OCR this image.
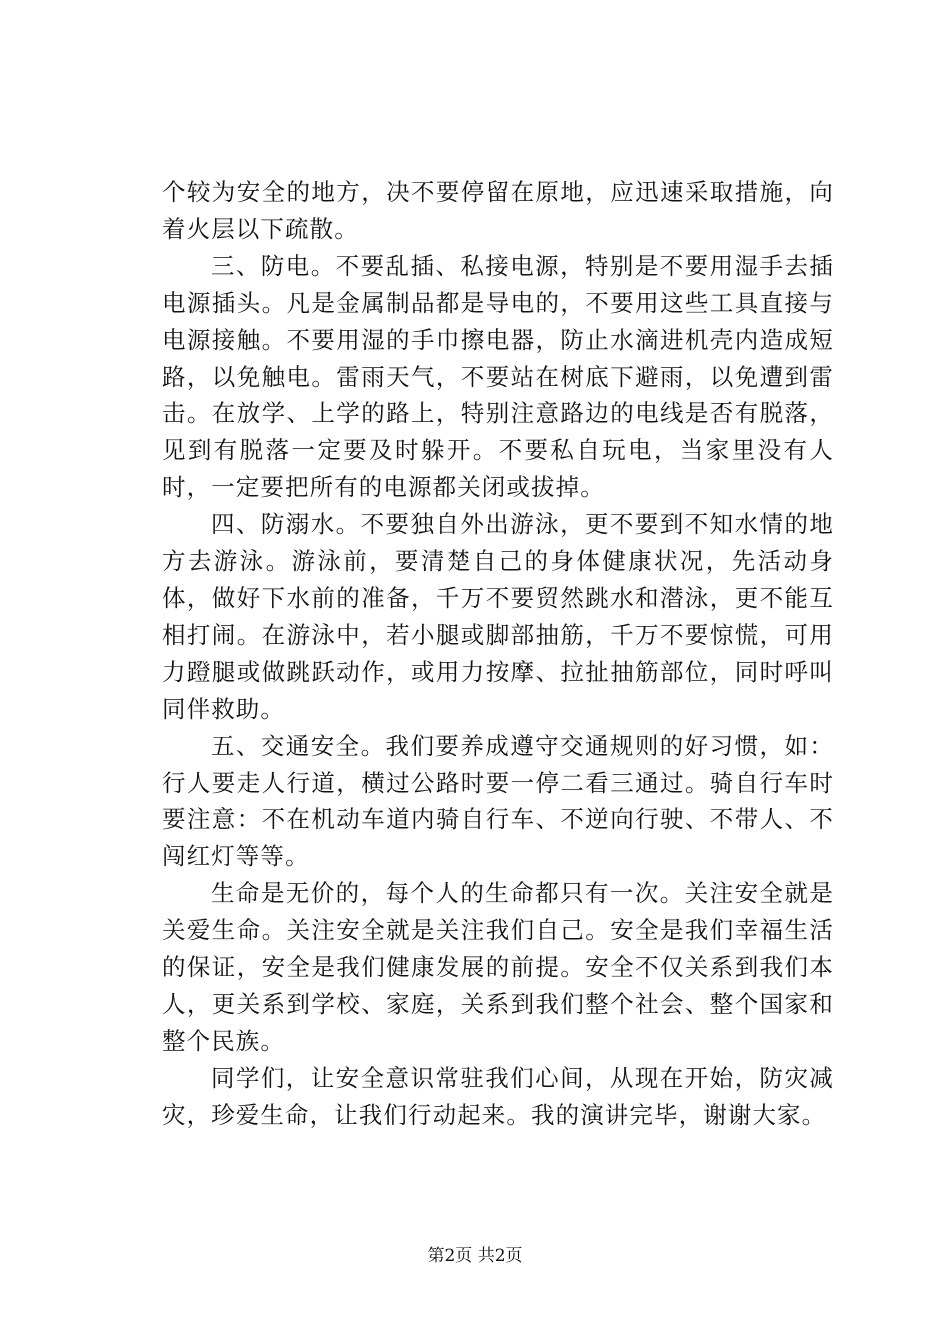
个较为安全的地方，决不要停留在原地，应迅速采取措施，向着火层以下疏散。

三、防电。不要乱插、私接电源，特别是不要用湿手去插电源插头。凡是金属制品都是导电的，不要用这些工具直接与电源接触。不要用湿的手巾擦电器，防止水滴进机壳内造成短路，以免触电。雷雨天气，不要站在树底下避雨，以免遭到雷击。在放学、上学的路上，特别注意路边的电线是否有脱落，见到有脱落一定要及时躲开。不要私自玩电，当家里没有人时，一定要把所有的电源都关闭或拔掉。

四、防溺水。不要独自外出游泳，更不要到不知水情的地方去游泳。游泳前，要清楚自己的身体健康状况，先活动身体，做好下水前的准备，千万不要贸然跳水和潜泳，更不能互相打闹。在游泳中，若小腿或脚部抽筋，千万不要惊慌，可用力蹬腿或做跳跃动作，或用力按摩、拉扯抽筋部位，同时呼叫同伴救助。

五、交通安全。我们要养成遵守交通规则的好习惯，如：行人要走人行道，横过公路时要一停二看三通过。骑自行车时要注意：不在机动车道内骑自行车、不逆向行驶、不带人、不闯红灯等等。

生命是无价的，每个人的生命都只有一次。关注安全就是关爱生命。关注安全就是关注我们自己。安全是我们幸福生活的保证，安全是我们健康发展的前提。安全不仅关系到我们本人，更关系到学校、家庭，关系到我们整个社会、整个国家和整个民族。

同学们，让安全意识常驻我们心间，从现在开始，防灾减灾，珍爱生命，让我们行动起来。我的演讲完毕，谢谢大家。

第2页 共2页
